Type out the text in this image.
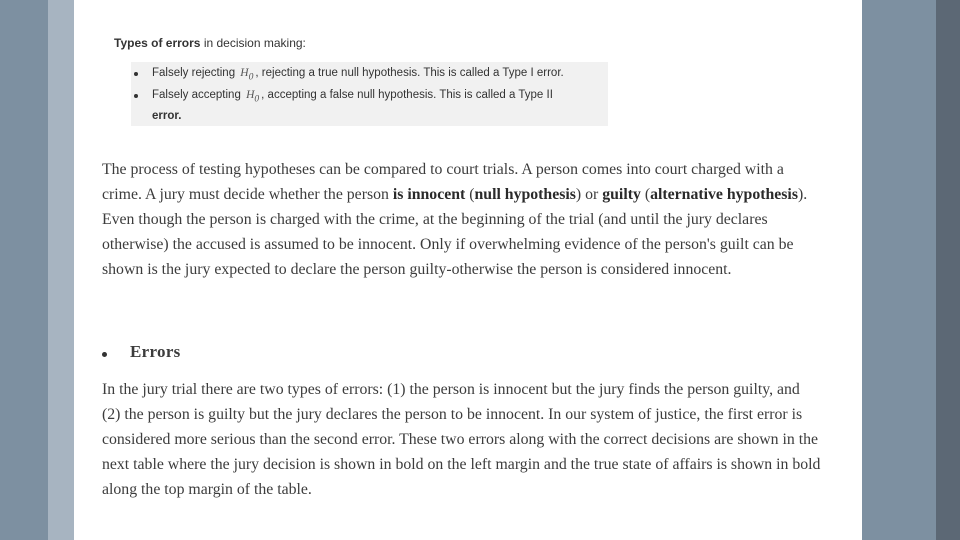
Types of errors in decision making:
Falsely rejecting $H_0$ , rejecting a true null hypothesis. This is called a Type I error.
Falsely accepting $H_0$ , accepting a false null hypothesis. This is called a Type II
error.
The process of testing hypotheses can be compared to court trials. A person comes into court charged with a crime. A jury must decide whether the person is innocent (null hypothesis) or guilty (alternative hypothesis). Even though the person is charged with the crime, at the beginning of the trial (and until the jury declares otherwise) the accused is assumed to be innocent. Only if overwhelming evidence of the person's guilt can be shown is the jury expected to declare the person guilty-otherwise the person is considered innocent.
Errors
In the jury trial there are two types of errors: (1) the person is innocent but the jury finds the person guilty, and (2) the person is guilty but the jury declares the person to be innocent. In our system of justice, the first error is considered more serious than the second error. These two errors along with the correct decisions are shown in the next table where the jury decision is shown in bold on the left margin and the true state of affairs is shown in bold along the top margin of the table.
